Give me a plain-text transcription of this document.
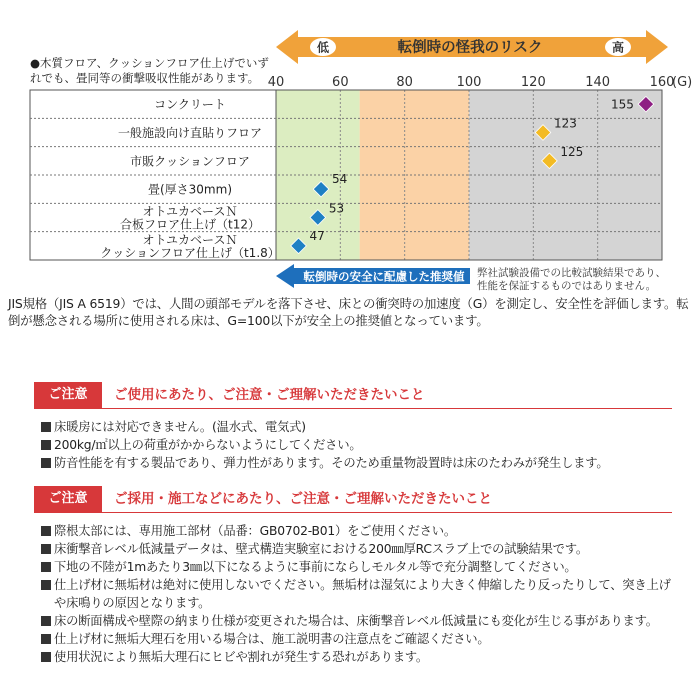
低	高
転倒時の怪我のリスク
40	60	80	100	120	140	160
(G)
コンクリート
一般施設向け直貼りフロア
市販クッションフロア
畳(厚さ30mm)
オトユカベースＮ
合板フロア仕上げ（t12）
オトユカベースＮ
クッションフロア仕上げ（t1.8）
155
123
125
54
53
47
転倒時の安全に配慮した推奨値 弊社試験設備での比較試験結果であり、
性能を保証するものではありません。
●木質フロア、クッションフロア仕上げでいずれでも、畳同等の衝撃吸収性能があります。
JIS規格（JIS A 6519）では、人間の頭部モデルを落下させ、床との衝突時の加速度（G）を測定し、安全性を評価します。転倒が懸念される場所に使用される床は、G=100以下が安全上の推奨値となっています。
ご注意	ご使用にあたり、ご注意・ご理解いただきたいこと
床暖房には対応できません。(温水式、電気式)
200kg/㎡以上の荷重がかからないようにしてください。
防音性能を有する製品であり、弾力性があります。そのため重量物設置時は床のたわみが発生します。
ご注意	ご採用・施工などにあたり、ご注意・ご理解いただきたいこと
際根太部には、専用施工部材（品番：GB0702-B01）をご使用ください。
床衝撃音レベル低減量データは、壁式構造実験室における200㎜厚RCスラブ上での試験結果です。
下地の不陸が1mあたり3㎜以下になるように事前にならしモルタル等で充分調整してください。
仕上げ材に無垢材は絶対に使用しないでください。無垢材は湿気により大きく伸縮したり反ったりして、突き上げや床鳴りの原因となります。
床の断面構成や壁際の納まり仕様が変更された場合は、床衝撃音レベル低減量にも変化が生じる事があります。
仕上げ材に無垢大理石を用いる場合は、施工説明書の注意点をご確認ください。
使用状況により無垢大理石にヒビや割れが発生する恐れがあります。
